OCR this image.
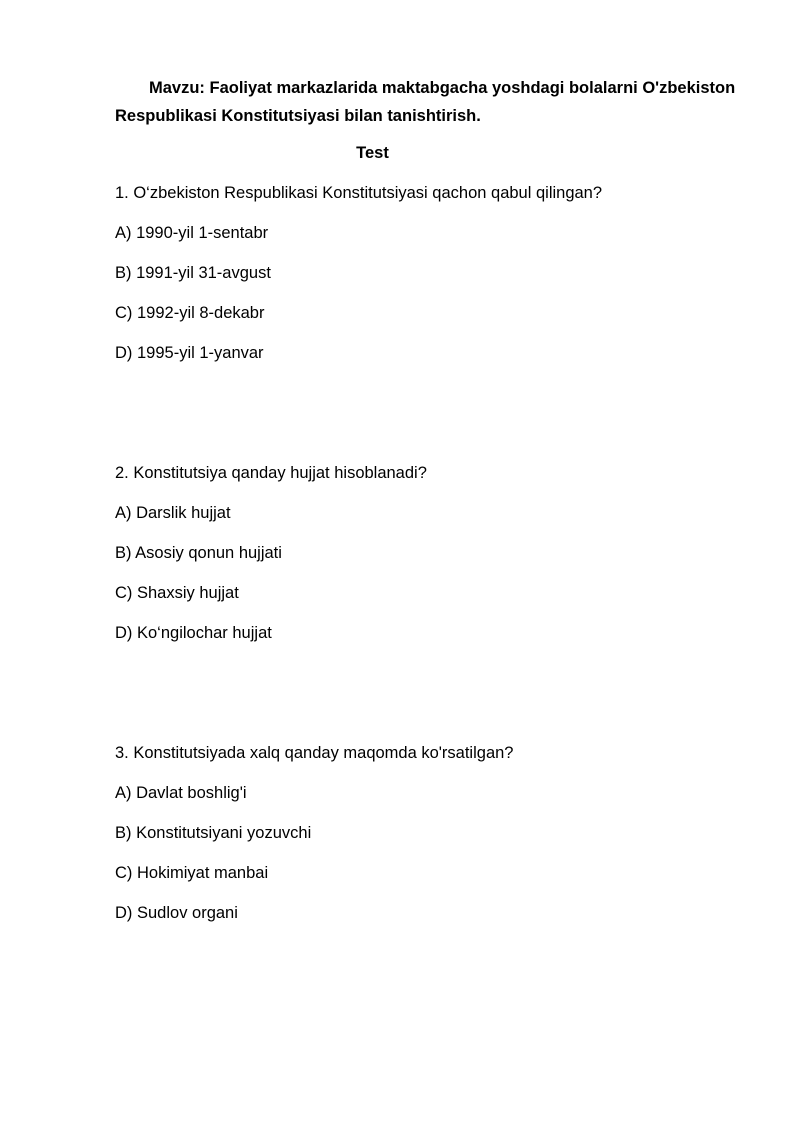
Mavzu: Faoliyat markazlarida maktabgacha yoshdagi bolalarni O'zbekiston Respublikasi Konstitutsiyasi bilan tanishtirish.

Test

1. O‘zbekiston Respublikasi Konstitutsiyasi qachon qabul qilingan?

A) 1990-yil 1-sentabr

B) 1991-yil 31-avgust

C) 1992-yil 8-dekabr

D) 1995-yil 1-yanvar

2. Konstitutsiya qanday hujjat hisoblanadi?

A) Darslik hujjat

B) Asosiy qonun hujjati

C) Shaxsiy hujjat

D) Ko‘ngilochar hujjat

3. Konstitutsiyada xalq qanday maqomda ko'rsatilgan?

A) Davlat boshlig'i

B) Konstitutsiyani yozuvchi

C) Hokimiyat manbai

D) Sudlov organi
